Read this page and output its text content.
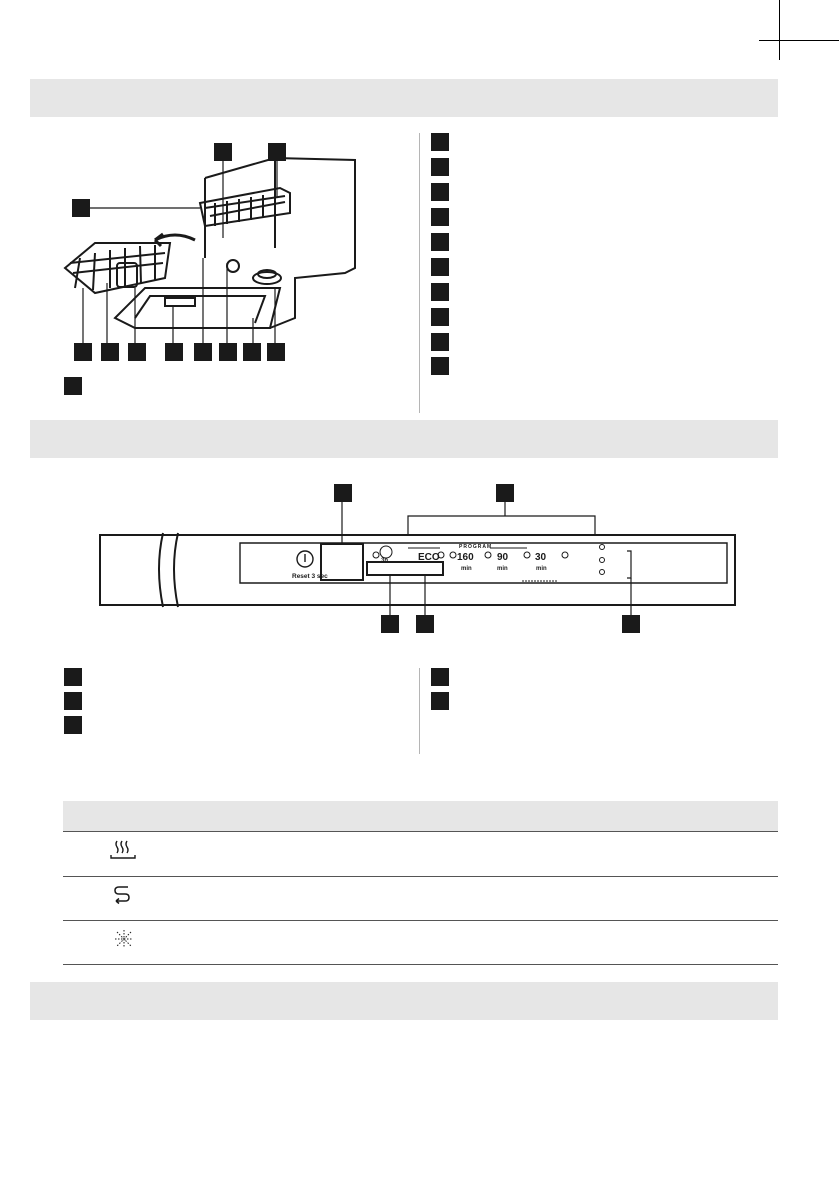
Reset 3 sec
PROGRAM
3h	ECO 160
min
90
min
30
min
